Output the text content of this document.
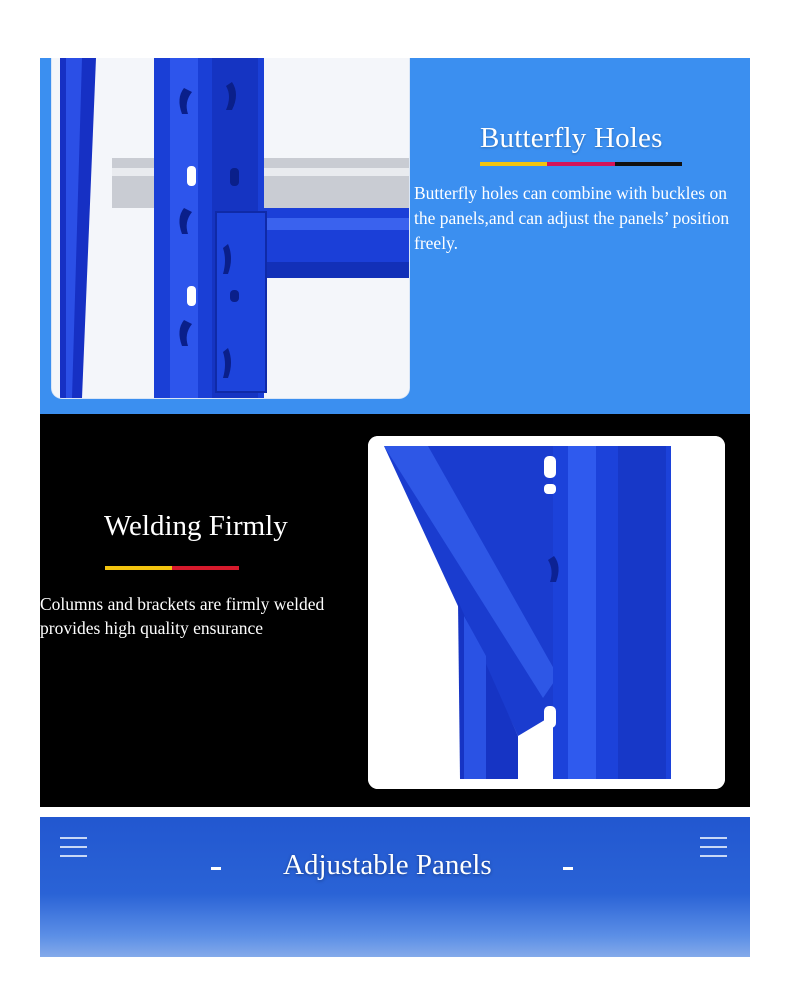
Butterfly Holes
Butterfly holes can combine with buckles on the panels,and can adjust the panels’ position freely.
Welding Firmly
Columns and brackets are firmly welded provides high quality ensurance
Adjustable Panels
